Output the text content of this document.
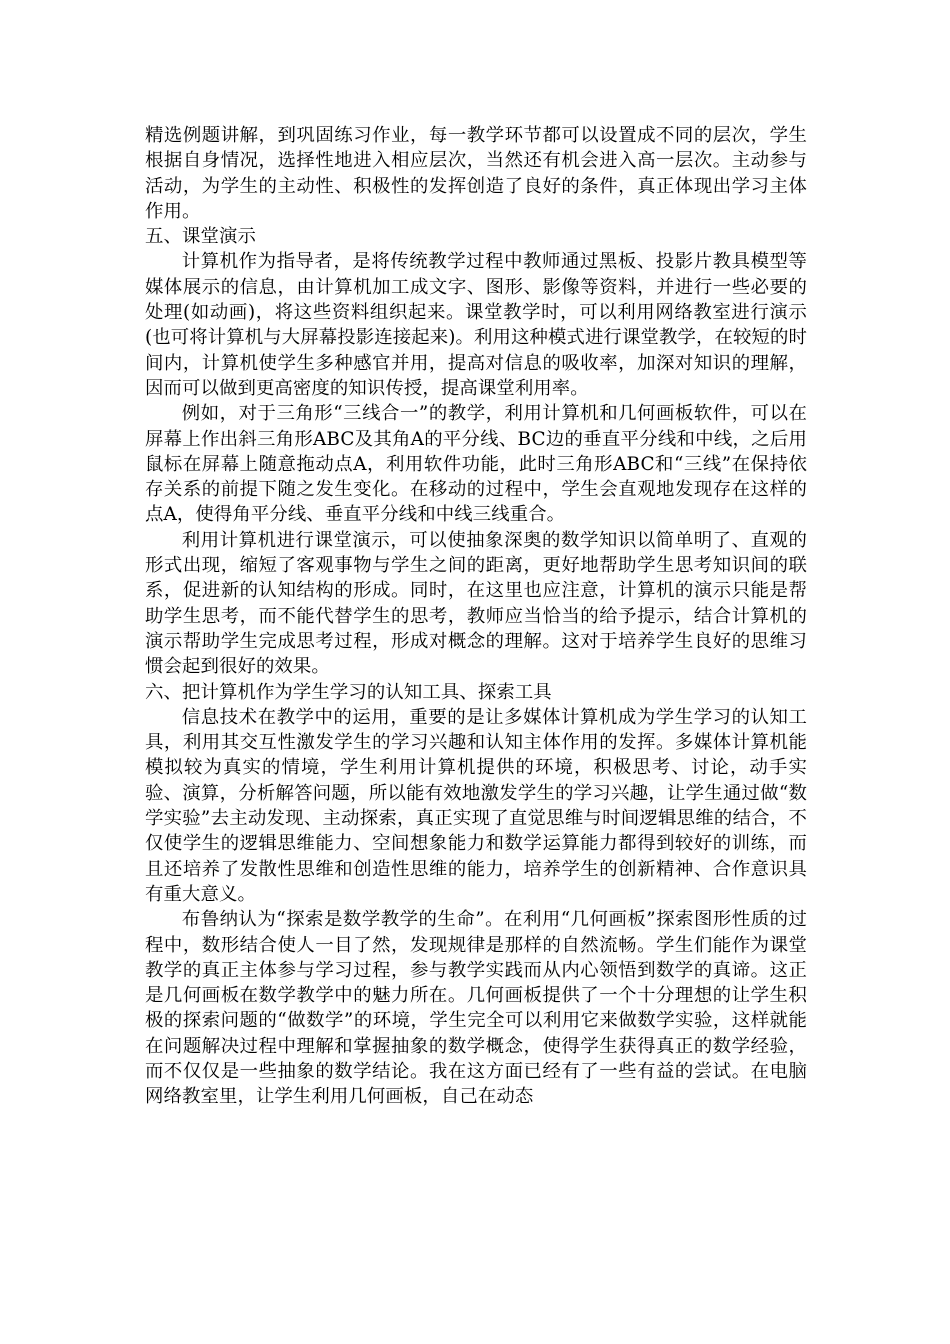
精选例题讲解，到巩固练习作业，每一教学环节都可以设置成不同的层次，学生根据自身情况，选择性地进入相应层次，当然还有机会进入高一层次。主动参与活动，为学生的主动性、积极性的发挥创造了良好的条件，真正体现出学习主体作用。

五、课堂演示

计算机作为指导者，是将传统教学过程中教师通过黑板、投影片教具模型等媒体展示的信息，由计算机加工成文字、图形、影像等资料，并进行一些必要的处理(如动画)，将这些资料组织起来。课堂教学时，可以利用网络教室进行演示(也可将计算机与大屏幕投影连接起来)。利用这种模式进行课堂教学，在较短的时间内，计算机使学生多种感官并用，提高对信息的吸收率，加深对知识的理解，因而可以做到更高密度的知识传授，提高课堂利用率。

例如，对于三角形“三线合一”的教学，利用计算机和几何画板软件，可以在屏幕上作出斜三角形ABC及其角A的平分线、BC边的垂直平分线和中线，之后用鼠标在屏幕上随意拖动点A，利用软件功能，此时三角形ABC和“三线”在保持依存关系的前提下随之发生变化。在移动的过程中，学生会直观地发现存在这样的点A，使得角平分线、垂直平分线和中线三线重合。

利用计算机进行课堂演示，可以使抽象深奥的数学知识以简单明了、直观的形式出现，缩短了客观事物与学生之间的距离，更好地帮助学生思考知识间的联系，促进新的认知结构的形成。同时，在这里也应注意，计算机的演示只能是帮助学生思考，而不能代替学生的思考，教师应当恰当的给予提示，结合计算机的演示帮助学生完成思考过程，形成对概念的理解。这对于培养学生良好的思维习惯会起到很好的效果。

六、把计算机作为学生学习的认知工具、探索工具

信息技术在教学中的运用，重要的是让多媒体计算机成为学生学习的认知工具，利用其交互性激发学生的学习兴趣和认知主体作用的发挥。多媒体计算机能模拟较为真实的情境，学生利用计算机提供的环境，积极思考、讨论，动手实验、演算，分析解答问题，所以能有效地激发学生的学习兴趣，让学生通过做“数学实验”去主动发现、主动探索，真正实现了直觉思维与时间逻辑思维的结合，不仅使学生的逻辑思维能力、空间想象能力和数学运算能力都得到较好的训练，而且还培养了发散性思维和创造性思维的能力，培养学生的创新精神、合作意识具有重大意义。

布鲁纳认为“探索是数学教学的生命”。在利用“几何画板”探索图形性质的过程中，数形结合使人一目了然，发现规律是那样的自然流畅。学生们能作为课堂教学的真正主体参与学习过程，参与教学实践而从内心领悟到数学的真谛。这正是几何画板在数学教学中的魅力所在。几何画板提供了一个十分理想的让学生积极的探索问题的“做数学”的环境，学生完全可以利用它来做数学实验，这样就能在问题解决过程中理解和掌握抽象的数学概念，使得学生获得真正的数学经验，而不仅仅是一些抽象的数学结论。我在这方面已经有了一些有益的尝试。在电脑网络教室里，让学生利用几何画板，自己在动态
